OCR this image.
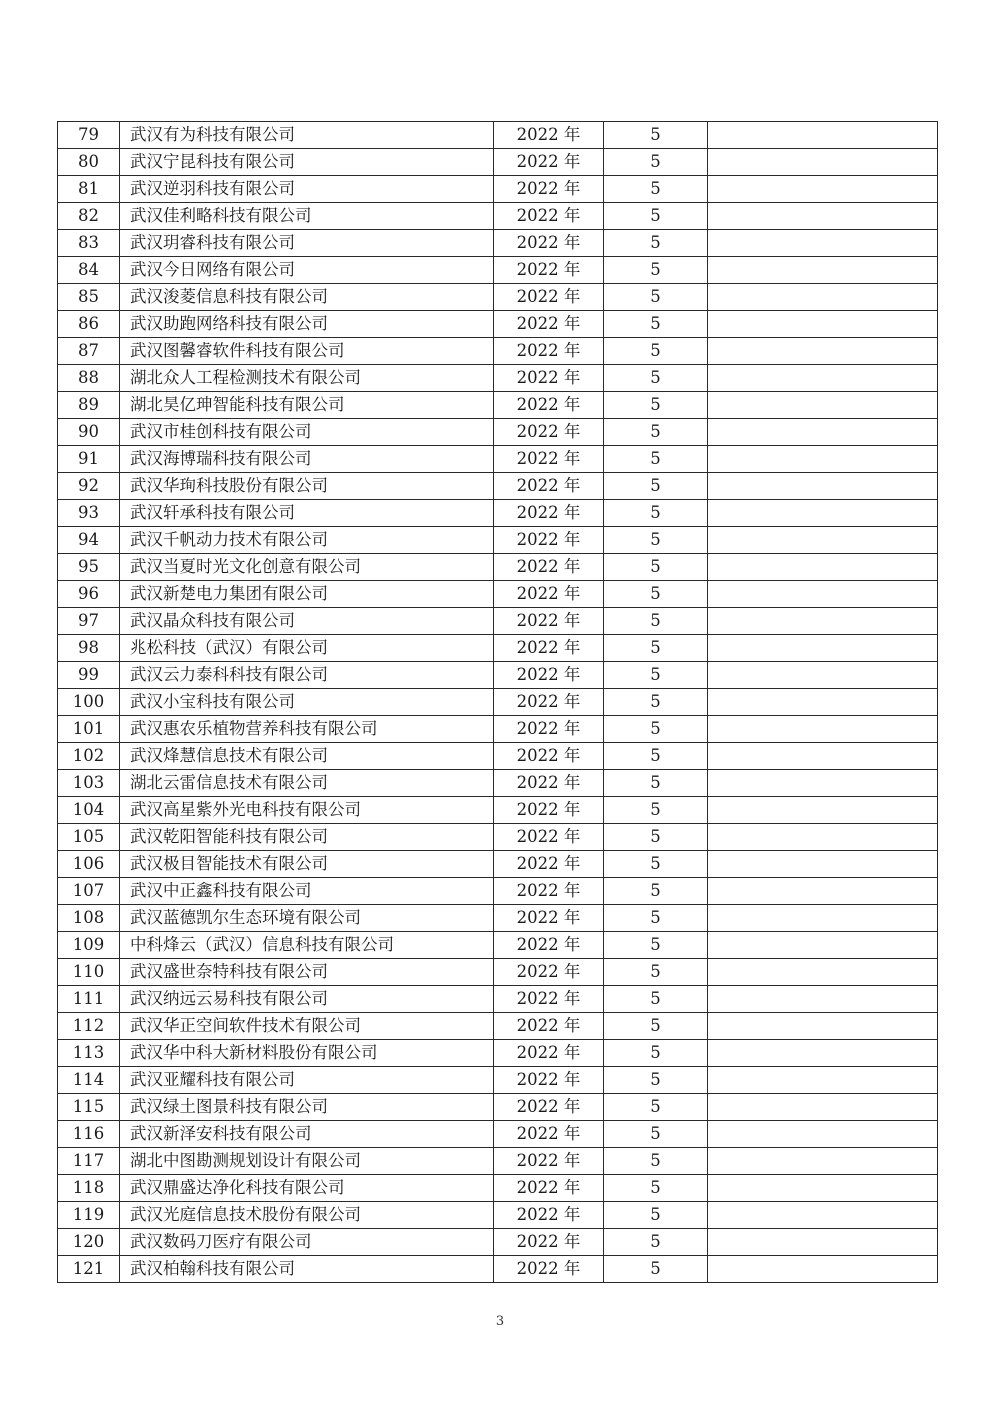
79	武汉有为科技有限公司	2022 年	5	
80	武汉宁昆科技有限公司	2022 年	5	
81	武汉逆羽科技有限公司	2022 年	5	
82	武汉佳利略科技有限公司	2022 年	5	
83	武汉玥睿科技有限公司	2022 年	5	
84	武汉今日网络有限公司	2022 年	5	
85	武汉浚菱信息科技有限公司	2022 年	5	
86	武汉助跑网络科技有限公司	2022 年	5	
87	武汉图馨睿软件科技有限公司	2022 年	5	
88	湖北众人工程检测技术有限公司	2022 年	5	
89	湖北昊亿珅智能科技有限公司	2022 年	5	
90	武汉市桂创科技有限公司	2022 年	5	
91	武汉海博瑞科技有限公司	2022 年	5	
92	武汉华珣科技股份有限公司	2022 年	5	
93	武汉轩承科技有限公司	2022 年	5	
94	武汉千帆动力技术有限公司	2022 年	5	
95	武汉当夏时光文化创意有限公司	2022 年	5	
96	武汉新楚电力集团有限公司	2022 年	5	
97	武汉晶众科技有限公司	2022 年	5	
98	兆松科技（武汉）有限公司	2022 年	5	
99	武汉云力泰科科技有限公司	2022 年	5	
100	武汉小宝科技有限公司	2022 年	5	
101	武汉惠农乐植物营养科技有限公司	2022 年	5	
102	武汉烽慧信息技术有限公司	2022 年	5	
103	湖北云雷信息技术有限公司	2022 年	5	
104	武汉高星紫外光电科技有限公司	2022 年	5	
105	武汉乾阳智能科技有限公司	2022 年	5	
106	武汉极目智能技术有限公司	2022 年	5	
107	武汉中正鑫科技有限公司	2022 年	5	
108	武汉蓝德凯尔生态环境有限公司	2022 年	5	
109	中科烽云（武汉）信息科技有限公司	2022 年	5	
110	武汉盛世奈特科技有限公司	2022 年	5	
111	武汉纳远云易科技有限公司	2022 年	5	
112	武汉华正空间软件技术有限公司	2022 年	5	
113	武汉华中科大新材料股份有限公司	2022 年	5	
114	武汉亚耀科技有限公司	2022 年	5	
115	武汉绿土图景科技有限公司	2022 年	5	
116	武汉新泽安科技有限公司	2022 年	5	
117	湖北中图勘测规划设计有限公司	2022 年	5	
118	武汉鼎盛达净化科技有限公司	2022 年	5	
119	武汉光庭信息技术股份有限公司	2022 年	5	
120	武汉数码刀医疗有限公司	2022 年	5	
121	武汉柏翰科技有限公司	2022 年	5	
3
